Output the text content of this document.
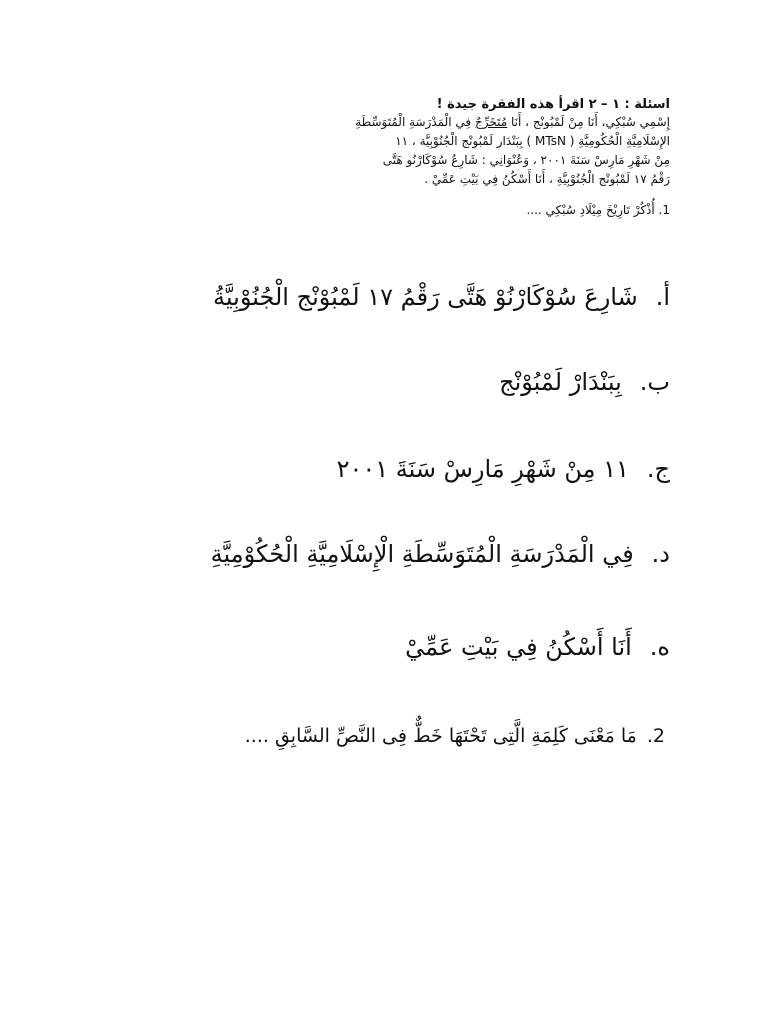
اسئلة : ١ – ٢ اقرأ هذه الفقرة جيدة !
إِسْمِي سُبْكِي، أَنَا مِنْ لَمْبُونْج ، أَنَا مُتَخَرِّجٌ فِي الْمَدْرَسَةِ الْمُتَوَسِّطَةِ
الإِسْلَامِيَّةِ الْحُكُومِيَّةِ ( MTsN ) بِبَنْدَار لَمْبُونْج الْجُنُوْبِيَّة ، ١١
مِنْ شَهْرِ مَارِسْ سَنَةَ ٢٠٠١ ، وَعُنْوَانِي : شَارِعُ سُوْكَارْنُو هَتَّى
رَقْمُ ١٧ لَمْبُونْج الْجُنُوْبِيَّةِ ، أَنَا أَسْكُنُ فِي بَيْتِ عَمِّيْ .
1. أُذْكُرْ تَارِيْخَ مِيْلَادِ سُبْكِي ....
أ.شَارِعَ سُوْكَارْنُوْ هَتَّى رَقْمُ ١٧ لَمْبُوْنْج الْجُنُوْبِيَّةُ
ب.بِبَنْدَارْ لَمْبُوْنْج
ج.١١ مِنْ شَهْرِ مَارِسْ سَنَةَ ٢٠٠١
د.فِي الْمَدْرَسَةِ الْمُتَوَسِّطَةِ الْإِسْلَامِيَّةِ الْحُكُوْمِيَّةِ
ه.أَنَا أَسْكُنُ فِي بَيْتِ عَمِّيْ
2.مَا مَعْنَى كَلِمَةِ الَّتِى تَحْتَهَا خَطٌّ فِى النَّصِّ السَّابِقِ ....
